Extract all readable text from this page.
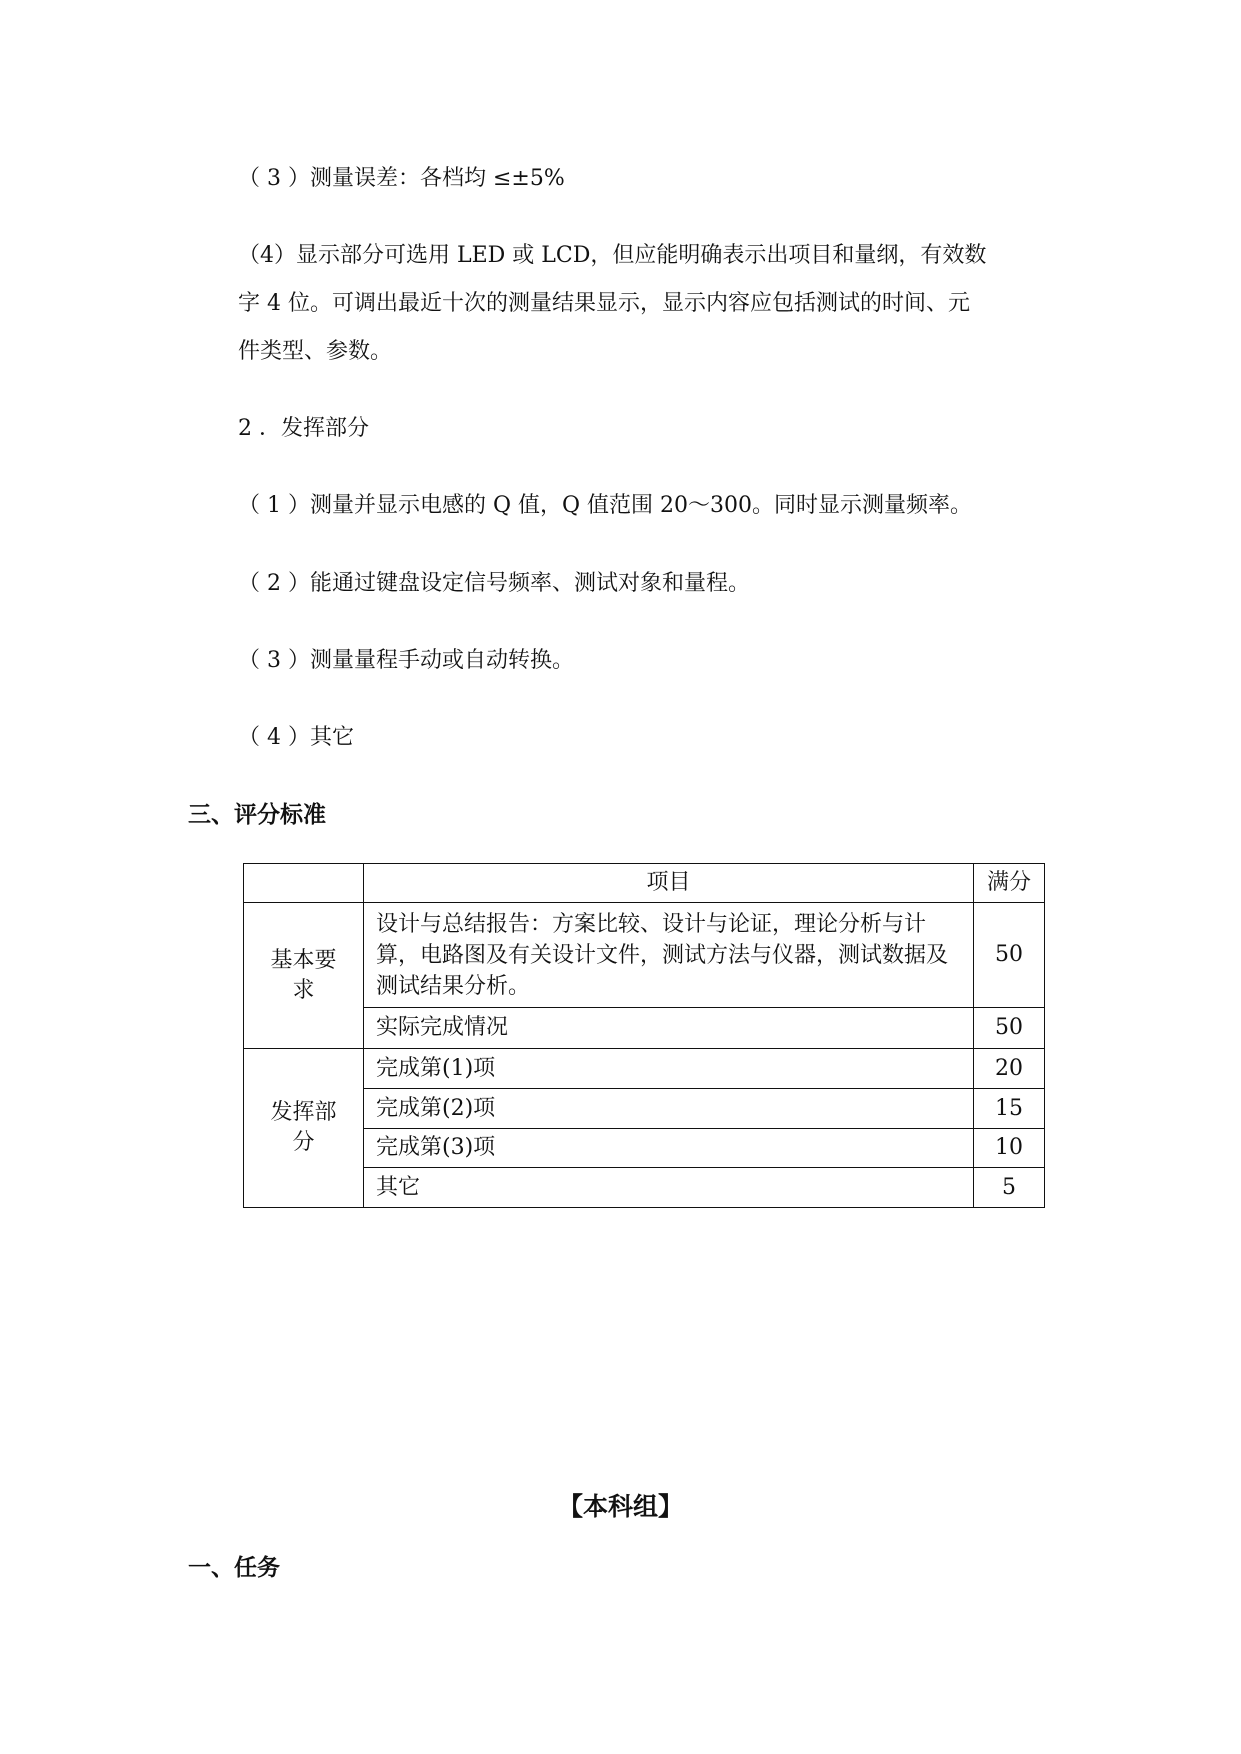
（ 3 ）测量误差：各档均 ≤±5%
（4）显示部分可选用 LED 或 LCD，但应能明确表示出项目和量纲，有效数
字 4 位。可调出最近十次的测量结果显示，显示内容应包括测试的时间、元
件类型、参数。
2 ．发挥部分
（ 1 ）测量并显示电感的 Q 值，Q 值范围 20～300。同时显示测量频率。
（ 2 ）能通过键盘设定信号频率、测试对象和量程。
（ 3 ）测量量程手动或自动转换。
（ 4 ）其它
三、评分标准
	项目	满分
基本要求	设计与总结报告：方案比较、设计与论证，理论分析与计算，电路图及有关设计文件，测试方法与仪器，测试数据及测试结果分析。	50
	实际完成情况	50
发挥部分	完成第(1)项	20
	完成第(2)项	15
	完成第(3)项	10
	其它	5
【本科组】
一、任务
